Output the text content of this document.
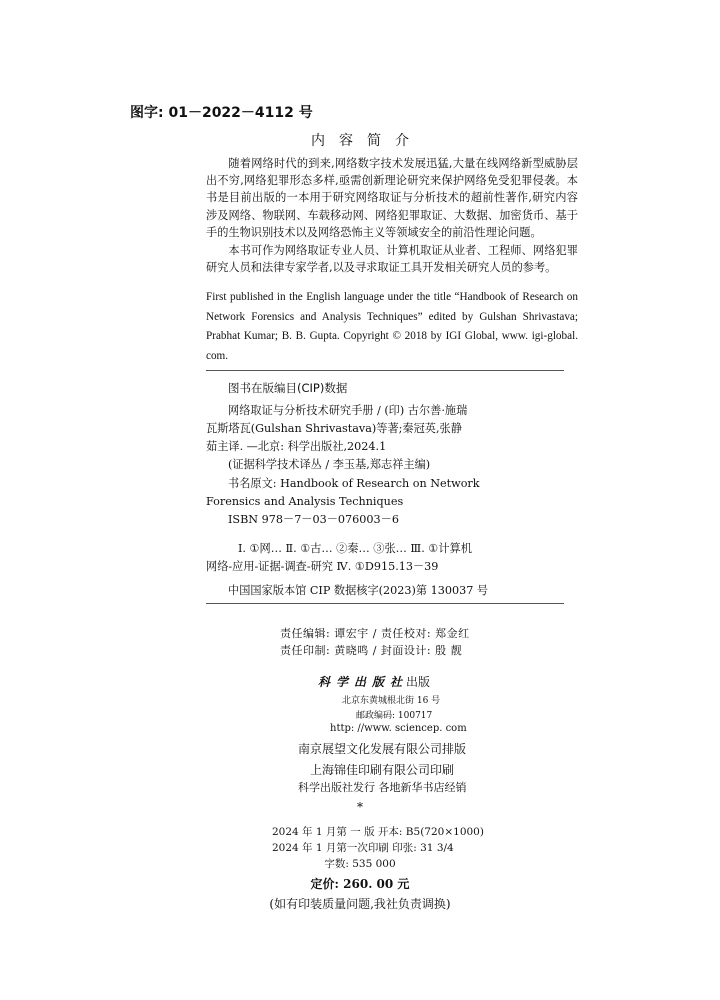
图字: 01－2022－4112 号
内容简介
随着网络时代的到来,网络数字技术发展迅猛,大量在线网络新型威胁层出不穷,网络犯罪形态多样,亟需创新理论研究来保护网络免受犯罪侵袭。本书是目前出版的一本用于研究网络取证与分析技术的超前性著作,研究内容涉及网络、物联网、车载移动网、网络犯罪取证、大数据、加密货币、基于手的生物识别技术以及网络恐怖主义等领域安全的前沿性理论问题。
本书可作为网络取证专业人员、计算机取证从业者、工程师、网络犯罪研究人员和法律专家学者,以及寻求取证工具开发相关研究人员的参考。
First published in the English language under the title “Handbook of Research on Network Forensics and Analysis Techniques” edited by Gulshan Shrivastava; Prabhat Kumar; B. B. Gupta. Copyright © 2018 by IGI Global, www. igi-global. com.
图书在版编目(CIP)数据
网络取证与分析技术研究手册 / (印) 古尔善·施瑞
瓦斯塔瓦(Gulshan Shrivastava)等著;秦冠英,张静
茹主译. —北京: 科学出版社,2024.1
(证据科学技术译丛 / 李玉基,郑志祥主编)
书名原文: Handbook of Research on Network
Forensics and Analysis Techniques
ISBN 978－7－03－076003－6
Ⅰ. ①网… Ⅱ. ①古… ②秦… ③张… Ⅲ. ①计算机
网络-应用-证据-调查-研究 Ⅳ. ①D915.13－39
中国国家版本馆 CIP 数据核字(2023)第 130037 号
责任编辑: 谭宏宇 / 责任校对: 郑金红
责任印制: 黄晓鸣 / 封面设计: 殷 靓
科学出版社
出版
北京东黄城根北街 16 号
邮政编码: 100717
http: //www. sciencep. com
南京展望文化发展有限公司排版
上海锦佳印刷有限公司印刷
科学出版社发行 各地新华书店经销
*
2024 年 1 月第 一 版 开本: B5(720×1000)
2024 年 1 月第一次印刷 印张: 31 3/4
字数: 535 000
定价: 260. 00 元
(如有印装质量问题,我社负责调换)
